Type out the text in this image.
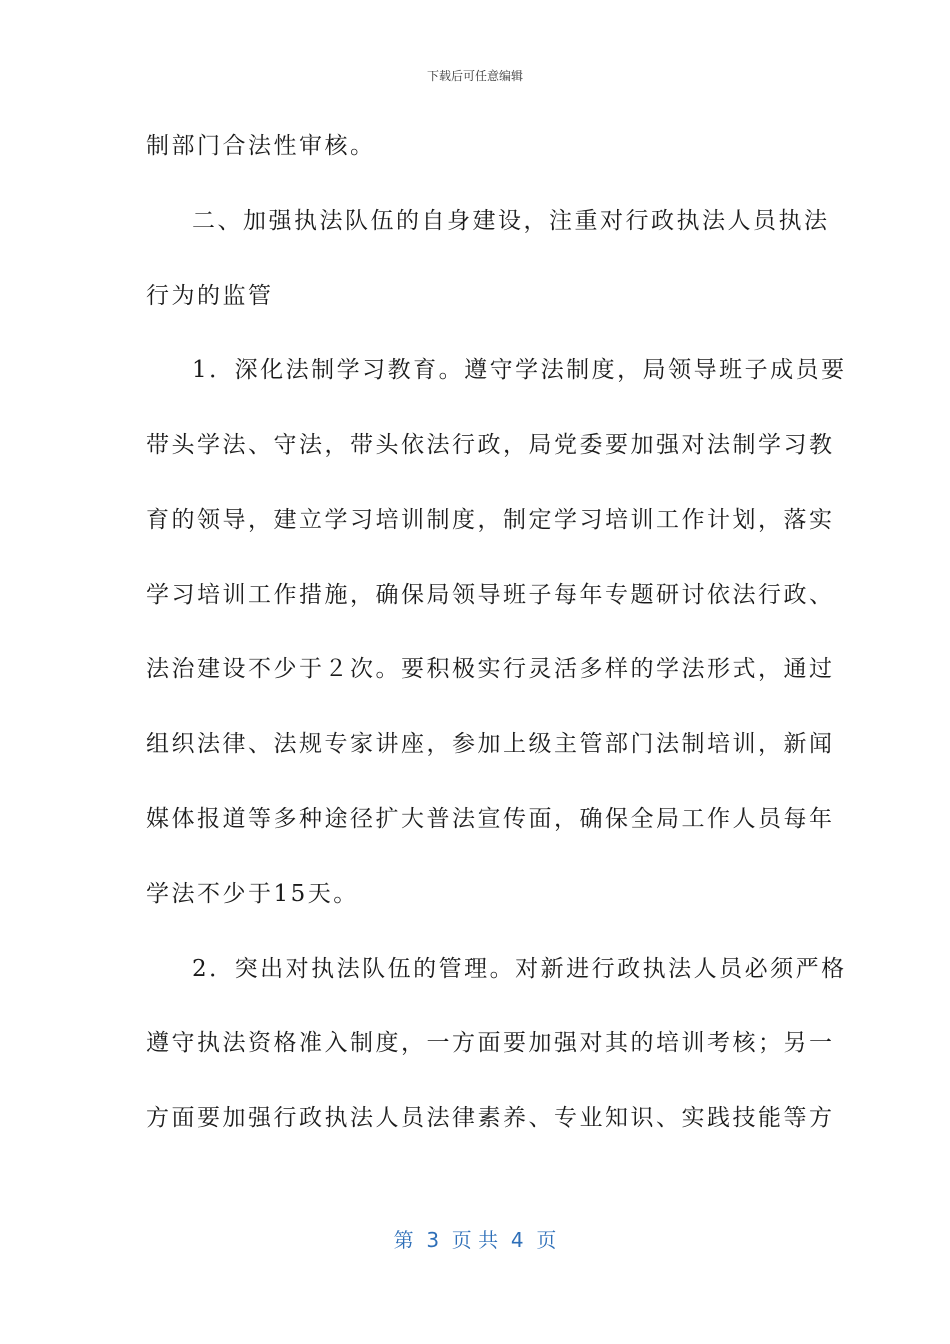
下载后可任意编辑
制部门合法性审核。
二、加强执法队伍的自身建设，注重对行政执法人员执法
行为的监管
1．深化法制学习教育。遵守学法制度，局领导班子成员要
带头学法、守法，带头依法行政，局党委要加强对法制学习教
育的领导，建立学习培训制度，制定学习培训工作计划，落实
学习培训工作措施，确保局领导班子每年专题研讨依法行政、
法治建设不少于２次。要积极实行灵活多样的学法形式，通过
组织法律、法规专家讲座，参加上级主管部门法制培训，新闻
媒体报道等多种途径扩大普法宣传面，确保全局工作人员每年
学法不少于15天。
2．突出对执法队伍的管理。对新进行政执法人员必须严格
遵守执法资格准入制度，一方面要加强对其的培训考核；另一
方面要加强行政执法人员法律素养、专业知识、实践技能等方
第  3  页 共  4  页
